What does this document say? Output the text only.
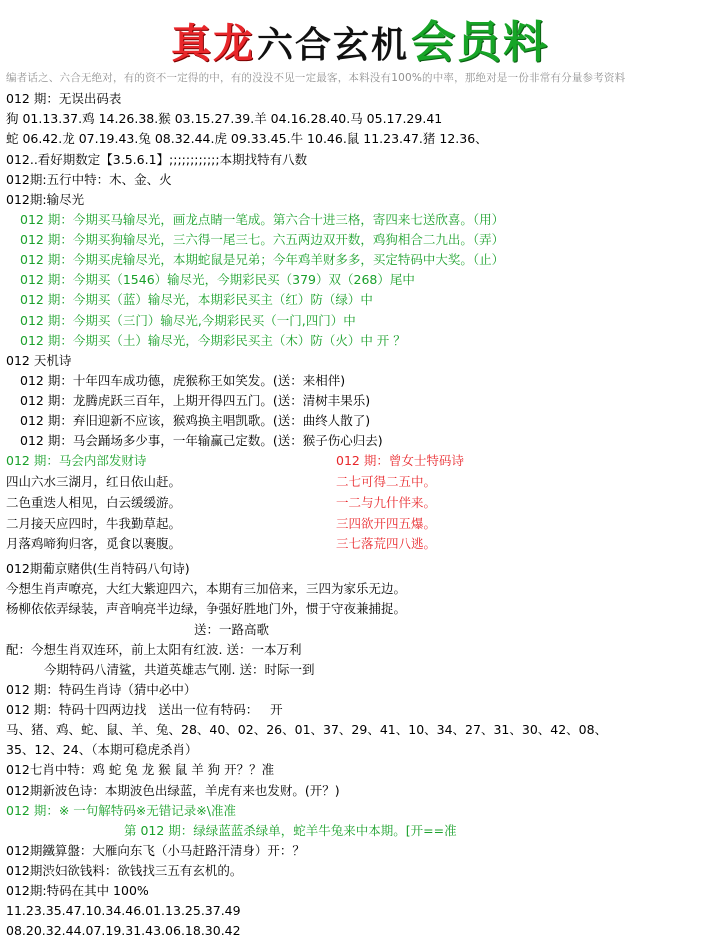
真龙 六合玄机 会员料
编者话之、六合无绝对，有的资不一定得的中，有的没没不见一定最客，本料没有100%的中率，那绝对是一份非常有分量参考资料
012 期：无误出码表
狗 01.13.37.鸡 14.26.38.猴 03.15.27.39.羊 04.16.28.40.马 05.17.29.41
蛇 06.42.龙 07.19.43.兔 08.32.44.虎 09.33.45.牛 10.46.鼠 11.23.47.猪 12.36、
012..看好期数定【3.5.6.1】;;;;;;;;;;;;本期找特有八数
012期:五行中特：木、金、火
012期:输尽光
012 期：今期买马输尽光，画龙点睛一笔成。第六合十进三格，寄四来七送欣喜。（用）
012 期：今期买狗输尽光，三六得一尾三七。六五两边双开数，鸡狗相合二九出。（弄）
012 期：今期买虎输尽光，本期蛇鼠是兄弟；今年鸡羊财多多，买定特码中大奖。（止）
012 期：今期买（1546）输尽光，今期彩民买（379）双（268）尾中
012 期：今期买（蓝）输尽光，本期彩民买主（红）防（绿）中
012 期：今期买（三门）输尽光,今期彩民买（一门,四门）中
012 期：今期买（土）输尽光，今期彩民买主（木）防（火）中 开 ？
012 天机诗
012 期：十年四车成功德，虎猴称王如笑发。(送：来相伴)
012 期：龙腾虎跃三百年，上期开得四五门。(送：清树丰果乐)
012 期：弃旧迎新不应该，猴鸡换主唱凯歌。(送：曲终人散了)
012 期：马会踊场多少事，一年输赢己定数。(送：猴子伤心归去)
012 期：马会内部发财诗
四山六水三湖月，红日依山赶。
二色重迭人相见，白云缓缓游。
二月接天应四时，牛我勤草起。
月落鸡啼狗归客，觅食以裹腹。
012 期：曾女士特码诗
二七可得二五中。
一二与九什伴来。
三四欲开四五爆。
三七落荒四八逃。
012期葡京赌供(生肖特码八句诗)
今想生肖声嘹亮，大红大紫迎四六，本期有三加倍来，三四为家乐无边。
杨柳依依弄绿装，声音响亮半边绿，争强好胜地门外，惯于守夜兼捕捉。
送：一路高歌
配：今想生肖双连环，前上太阳有红波. 送：一本万利
今期特码八清鲨，共道英雄志气刚. 送：时际一到
012 期：特码生肖诗（猜中必中）
012 期：特码十四两边找   送出一位有特码：   开
马、猪、鸡、蛇、鼠、羊、兔、28、40、02、26、01、37、29、41、10、34、27、31、30、42、08、
35、12、24、（本期可稳虎杀肖）
012七肖中特：鸡 蛇 兔 龙 猴 鼠 羊 狗 开？？准
012期新波色诗：本期波色出绿蓝，羊虎有来也发财。(开？)
012 期：※ 一句解特码※无错记录※\准准
第 012 期：绿绿蓝蓝杀绿单，蛇羊牛兔来中本期。[开==准
012期鐵算盤：大雁向东飞（小马赶路汗清身）开：？
012期渋妇欲钱料：欲钱找三五有玄机的。
012期:特码在其中 100%
11.23.35.47.10.34.46.01.13.25.37.49
08.20.32.44.07.19.31.43.06.18.30.42
